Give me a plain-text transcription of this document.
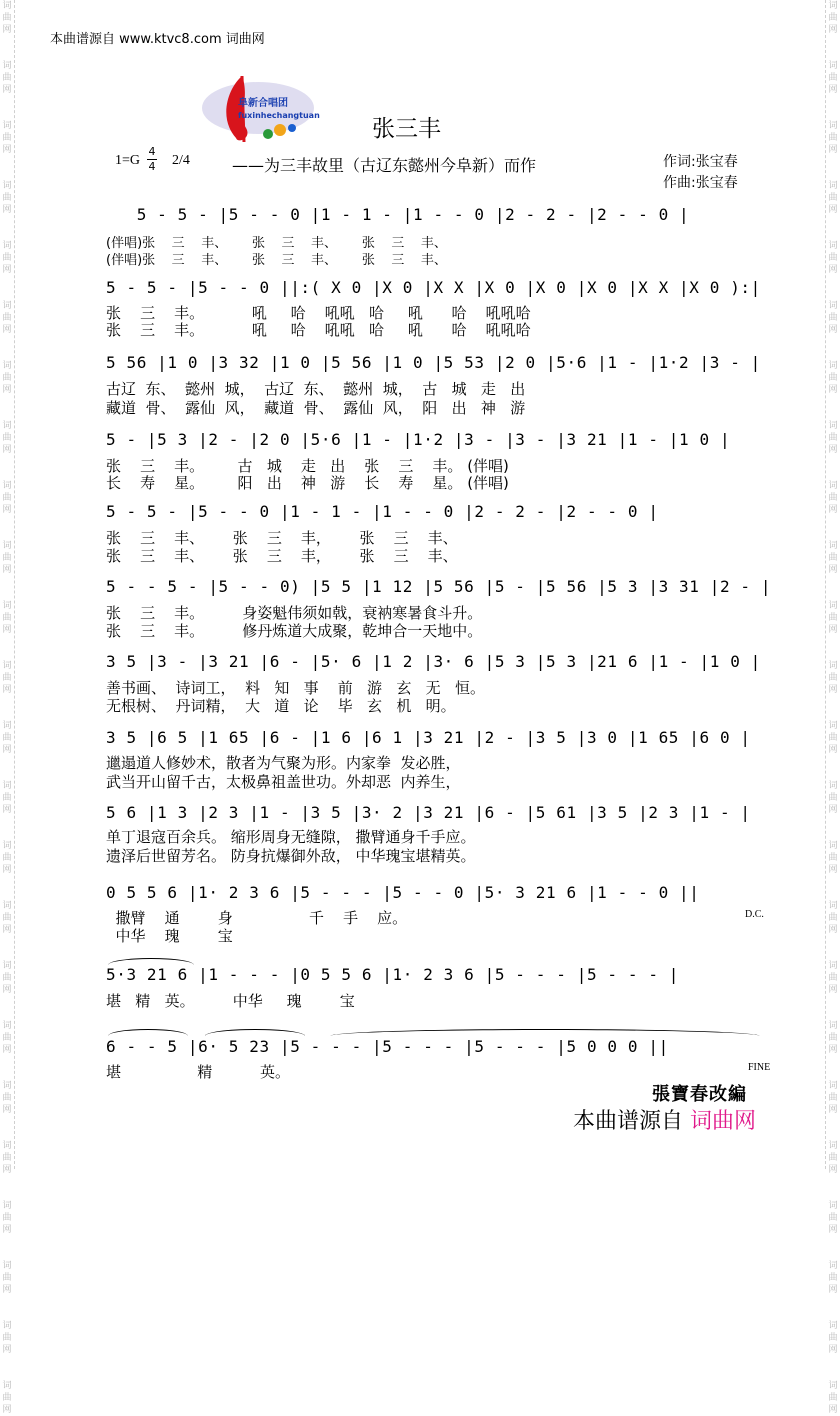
词
曲
网

词
曲
网

词
曲
网

词
曲
网

词
曲
网

词
曲
网

词
曲
网

词
曲
网

词
曲
网

词
曲
网

词
曲
网

词
曲
网

词
曲
网

词
曲
网

词
曲
网

词
曲
网

词
曲
网

词
曲
网

词
曲
网

词
曲
网

词
曲
网

词
曲
网

词
曲
网

词
曲
网
词
曲
网

词
曲
网

词
曲
网

词
曲
网

词
曲
网

词
曲
网

词
曲
网

词
曲
网

词
曲
网

词
曲
网

词
曲
网

词
曲
网

词
曲
网

词
曲
网

词
曲
网

词
曲
网

词
曲
网

词
曲
网

词
曲
网

词
曲
网

词
曲
网

词
曲
网

词
曲
网

词
曲
网
本曲谱源自 www.ktvc8.com 词曲网
阜新合唱团
fuxinhechangtuan
张三丰
1=G
4
4 2/4	——为三丰故里（古辽东懿州今阜新）而作	作词:张宝春
作曲:张宝春
5 - 5 - |5 - - 0 |1 - 1 - |1 - - 0 |2 - 2 - |2 - - 0 |
(伴唱)张    三    丰、      张    三    丰、      张    三    丰、
(伴唱)张    三    丰、      张    三    丰、      张    三    丰、
5 - 5 - |5 - - 0 ||:( X 0 |X 0 |X X |X 0 |X 0 |X 0 |X X |X 0 ):|
张    三    丰。          吼     哈    吼吼   哈     吼      哈    吼吼哈
张    三    丰。          吼     哈    吼吼   哈     吼      哈    吼吼哈
5 56 |1 0 |3 32 |1 0 |5 56 |1 0 |5 53 |2 0 |5·6 |1 - |1·2 |3 - |
古辽  东、  懿州  城，  古辽  东、  懿州  城，  古   城   走   出
藏道  骨、  露仙  风，  藏道  骨、  露仙  风，  阳   出   神   游
5 - |5 3 |2 - |2 0 |5·6 |1 - |1·2 |3 - |3 - |3 21 |1 - |1 0 |
张    三    丰。       古   城    走   出    张    三    丰。 (伴唱)
长    寿    星。       阳   出    神   游    长    寿    星。 (伴唱)
5 - 5 - |5 - - 0 |1 - 1 - |1 - - 0 |2 - 2 - |2 - - 0 |
张    三    丰、      张    三    丰，      张    三    丰、
张    三    丰、      张    三    丰，      张    三    丰、
5 - - 5 - |5 - - 0) |5 5 |1 12 |5 56 |5 - |5 56 |5 3 |3 31 |2 - |
张    三    丰。        身姿魁伟须如戟，衰衲寒暑食斗升。
张    三    丰。        修丹炼道大成聚，乾坤合一天地中。
3 5 |3 - |3 21 |6 - |5· 6 |1 2 |3· 6 |5 3 |5 3 |21 6 |1 - |1 0 |
善书画、  诗词工，  料   知   事    前   游   玄   无   恒。
无根树、  丹词精，  大   道   论    毕   玄   机   明。
3 5 |6 5 |1 65 |6 - |1 6 |6 1 |3 21 |2 - |3 5 |3 0 |1 65 |6 0 |
邋遢道人修妙术，散者为气聚为形。内家拳  发必胜，
武当开山留千古，太极鼻祖盖世功。外却恶  内养生，
5 6 |1 3 |2 3 |1 - |3 5 |3· 2 |3 21 |6 - |5 61 |3 5 |2 3 |1 - |
单丁退寇百余兵。 缩形周身无缝隙， 撒臂通身千手应。
遗泽后世留芳名。 防身抗爆御外敌， 中华瑰宝堪精英。
0 5 5 6 |1· 2 3 6 |5 - - - |5 - - 0 |5· 3 21 6 |1 - - 0 ||
撒臂    通        身                千    手    应。
中华    瑰        宝
D.C.
5·3 21 6 |1 - - - |0 5 5 6 |1· 2 3 6 |5 - - - |5 - - - |
堪   精   英。        中华     瑰        宝
6 - - 5 |6· 5 23 |5 - - - |5 - - - |5 - - - |5 0 0 0 ||
堪                精          英。	FINE
張寶春改編
本曲谱源自 词曲网
